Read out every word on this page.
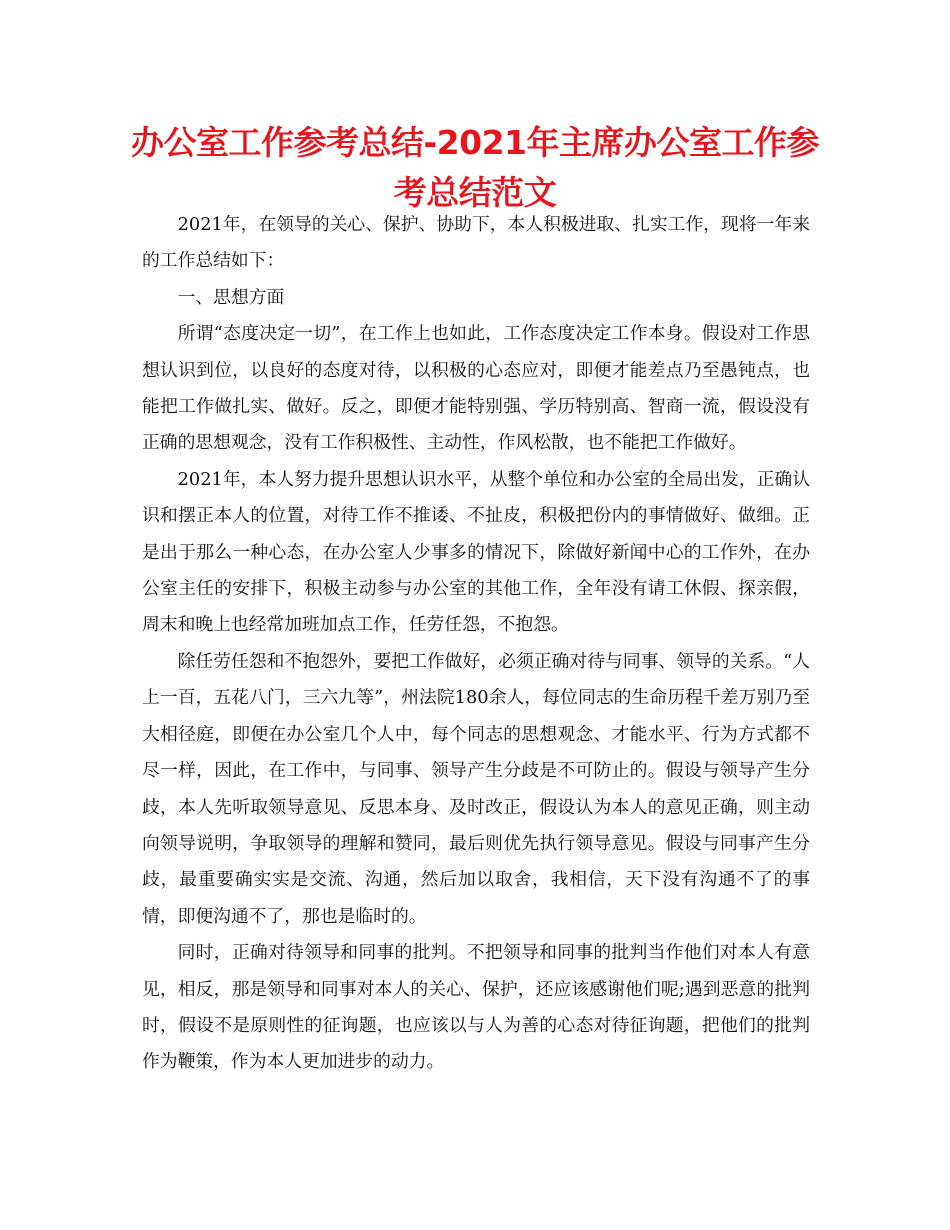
办公室工作参考总结-2021年主席办公室工作参考总结范文

2021年，在领导的关心、保护、协助下，本人积极进取、扎实工作，现将一年来的工作总结如下：

一、思想方面

所谓“态度决定一切”，在工作上也如此，工作态度决定工作本身。假设对工作思想认识到位，以良好的态度对待，以积极的心态应对，即便才能差点乃至愚钝点，也能把工作做扎实、做好。反之，即便才能特别强、学历特别高、智商一流，假设没有正确的思想观念，没有工作积极性、主动性，作风松散，也不能把工作做好。

2021年，本人努力提升思想认识水平，从整个单位和办公室的全局出发，正确认识和摆正本人的位置，对待工作不推诿、不扯皮，积极把份内的事情做好、做细。正是出于那么一种心态，在办公室人少事多的情况下，除做好新闻中心的工作外，在办公室主任的安排下，积极主动参与办公室的其他工作，全年没有请工休假、探亲假，周末和晚上也经常加班加点工作，任劳任怨，不抱怨。

除任劳任怨和不抱怨外，要把工作做好，必须正确对待与同事、领导的关系。“人上一百，五花八门，三六九等”，州法院180余人，每位同志的生命历程千差万别乃至大相径庭，即便在办公室几个人中，每个同志的思想观念、才能水平、行为方式都不尽一样，因此，在工作中，与同事、领导产生分歧是不可防止的。假设与领导产生分歧，本人先听取领导意见、反思本身、及时改正，假设认为本人的意见正确，则主动向领导说明，争取领导的理解和赞同，最后则优先执行领导意见。假设与同事产生分歧，最重要确实实是交流、沟通，然后加以取舍，我相信，天下没有沟通不了的事情，即便沟通不了，那也是临时的。

同时，正确对待领导和同事的批判。不把领导和同事的批判当作他们对本人有意见，相反，那是领导和同事对本人的关心、保护，还应该感谢他们呢;遇到恶意的批判时，假设不是原则性的征询题，也应该以与人为善的心态对待征询题，把他们的批判作为鞭策，作为本人更加进步的动力。
